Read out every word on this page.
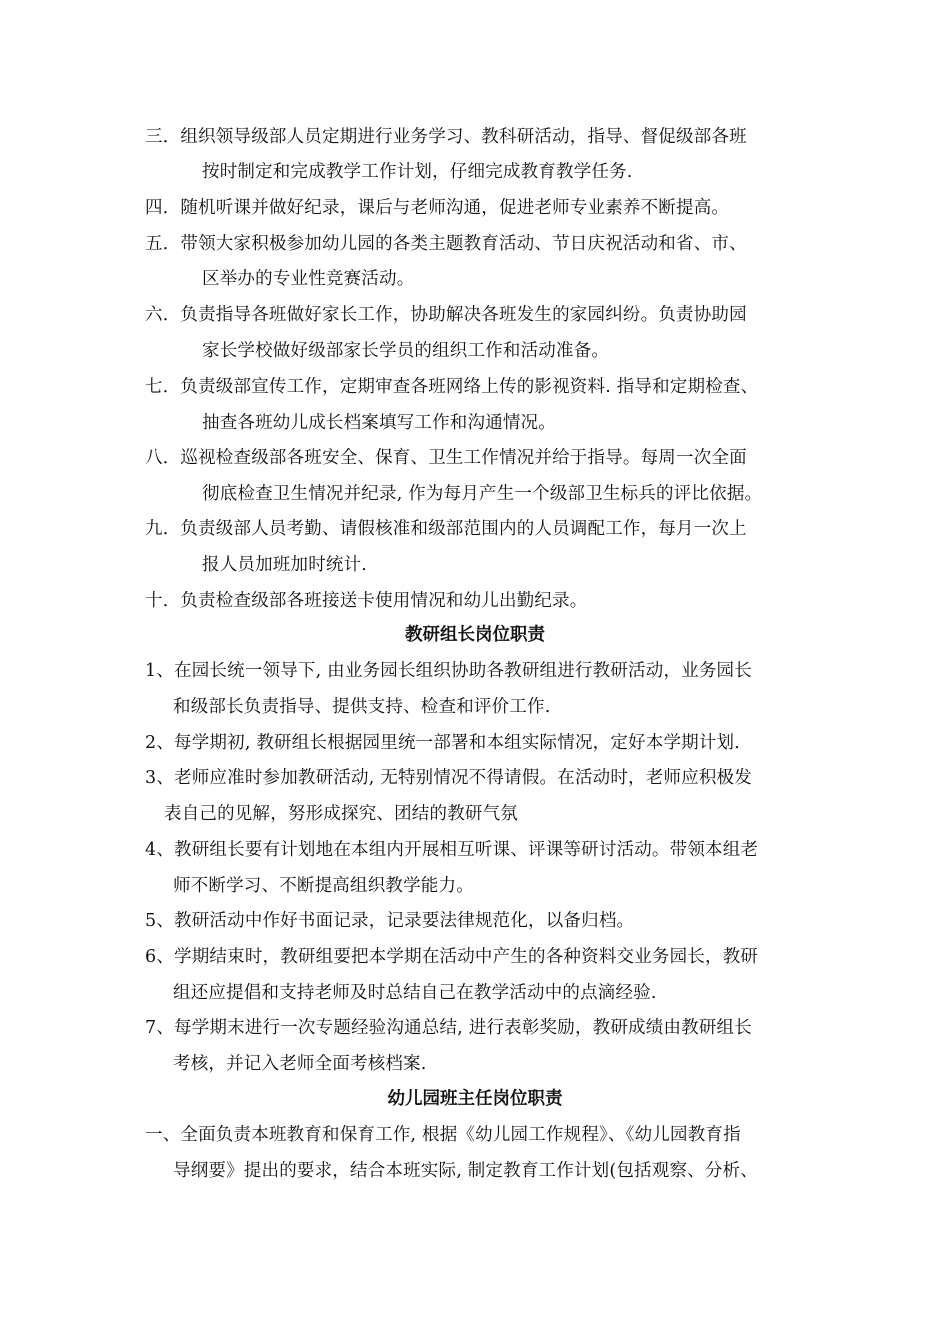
三．组织领导级部人员定期进行业务学习、教科研活动，指导、督促级部各班
按时制定和完成教学工作计划，仔细完成教育教学任务.
四．随机听课并做好纪录，课后与老师沟通，促进老师专业素养不断提高。
五．带领大家积极参加幼儿园的各类主题教育活动、节日庆祝活动和省、市、
区举办的专业性竞赛活动。
六．负责指导各班做好家长工作，协助解决各班发生的家园纠纷。负责协助园
家长学校做好级部家长学员的组织工作和活动准备。
七．负责级部宣传工作，定期审查各班网络上传的影视资料. 指导和定期检查、
抽查各班幼儿成长档案填写工作和沟通情况。
八．巡视检查级部各班安全、保育、卫生工作情况并给于指导。每周一次全面
彻底检查卫生情况并纪录, 作为每月产生一个级部卫生标兵的评比依据。
九．负责级部人员考勤、请假核准和级部范围内的人员调配工作，每月一次上
报人员加班加时统计.
十．负责检查级部各班接送卡使用情况和幼儿出勤纪录。
教研组长岗位职责
1、在园长统一领导下, 由业务园长组织协助各教研组进行教研活动，业务园长
和级部长负责指导、提供支持、检查和评价工作.
2、每学期初, 教研组长根据园里统一部署和本组实际情况，定好本学期计划.
3、老师应准时参加教研活动, 无特别情况不得请假。在活动时，老师应积极发
表自己的见解，努形成探究、团结的教研气氛
4、教研组长要有计划地在本组内开展相互听课、评课等研讨活动。带领本组老
师不断学习、不断提高组织教学能力。
5、教研活动中作好书面记录，记录要法律规范化，以备归档。
6、学期结束时，教研组要把本学期在活动中产生的各种资料交业务园长，教研
组还应提倡和支持老师及时总结自己在教学活动中的点滴经验.
7、每学期末进行一次专题经验沟通总结, 进行表彰奖励，教研成绩由教研组长
考核，并记入老师全面考核档案.
幼儿园班主任岗位职责
一、全面负责本班教育和保育工作, 根据《幼儿园工作规程》、《幼儿园教育指
导纲要》提出的要求，结合本班实际, 制定教育工作计划(包括观察、分析、
